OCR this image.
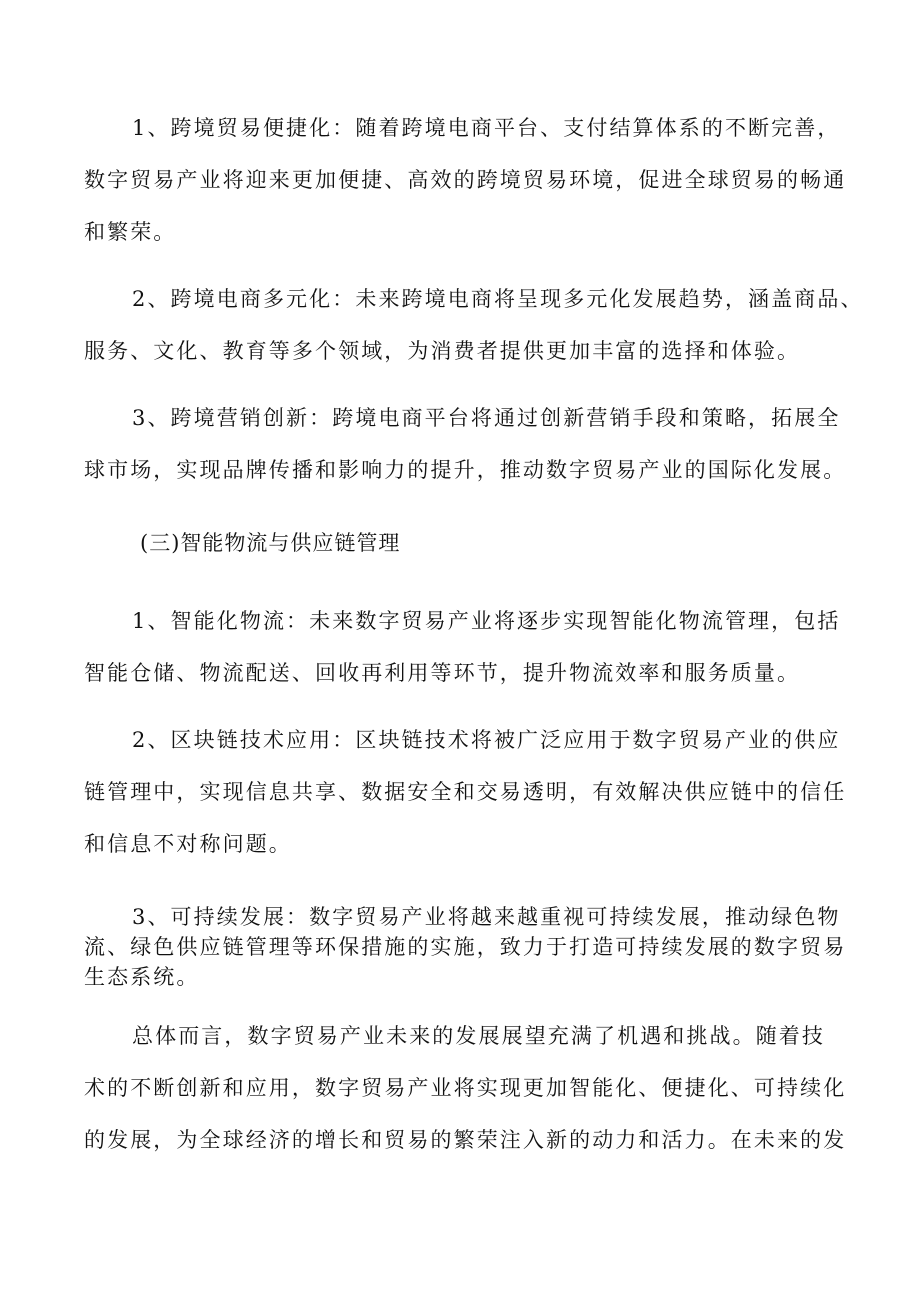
1、跨境贸易便捷化：随着跨境电商平台、支付结算体系的不断完善，
数字贸易产业将迎来更加便捷、高效的跨境贸易环境，促进全球贸易的畅通
和繁荣。
2、跨境电商多元化：未来跨境电商将呈现多元化发展趋势，涵盖商品、
服务、文化、教育等多个领域，为消费者提供更加丰富的选择和体验。
3、跨境营销创新：跨境电商平台将通过创新营销手段和策略，拓展全
球市场，实现品牌传播和影响力的提升，推动数字贸易产业的国际化发展。
(三)智能物流与供应链管理
1、智能化物流：未来数字贸易产业将逐步实现智能化物流管理，包括
智能仓储、物流配送、回收再利用等环节，提升物流效率和服务质量。
2、区块链技术应用：区块链技术将被广泛应用于数字贸易产业的供应
链管理中，实现信息共享、数据安全和交易透明，有效解决供应链中的信任
和信息不对称问题。
3、可持续发展：数字贸易产业将越来越重视可持续发展，推动绿色物
流、绿色供应链管理等环保措施的实施，致力于打造可持续发展的数字贸易
生态系统。
总体而言，数字贸易产业未来的发展展望充满了机遇和挑战。随着技
术的不断创新和应用，数字贸易产业将实现更加智能化、便捷化、可持续化
的发展，为全球经济的增长和贸易的繁荣注入新的动力和活力。在未来的发
